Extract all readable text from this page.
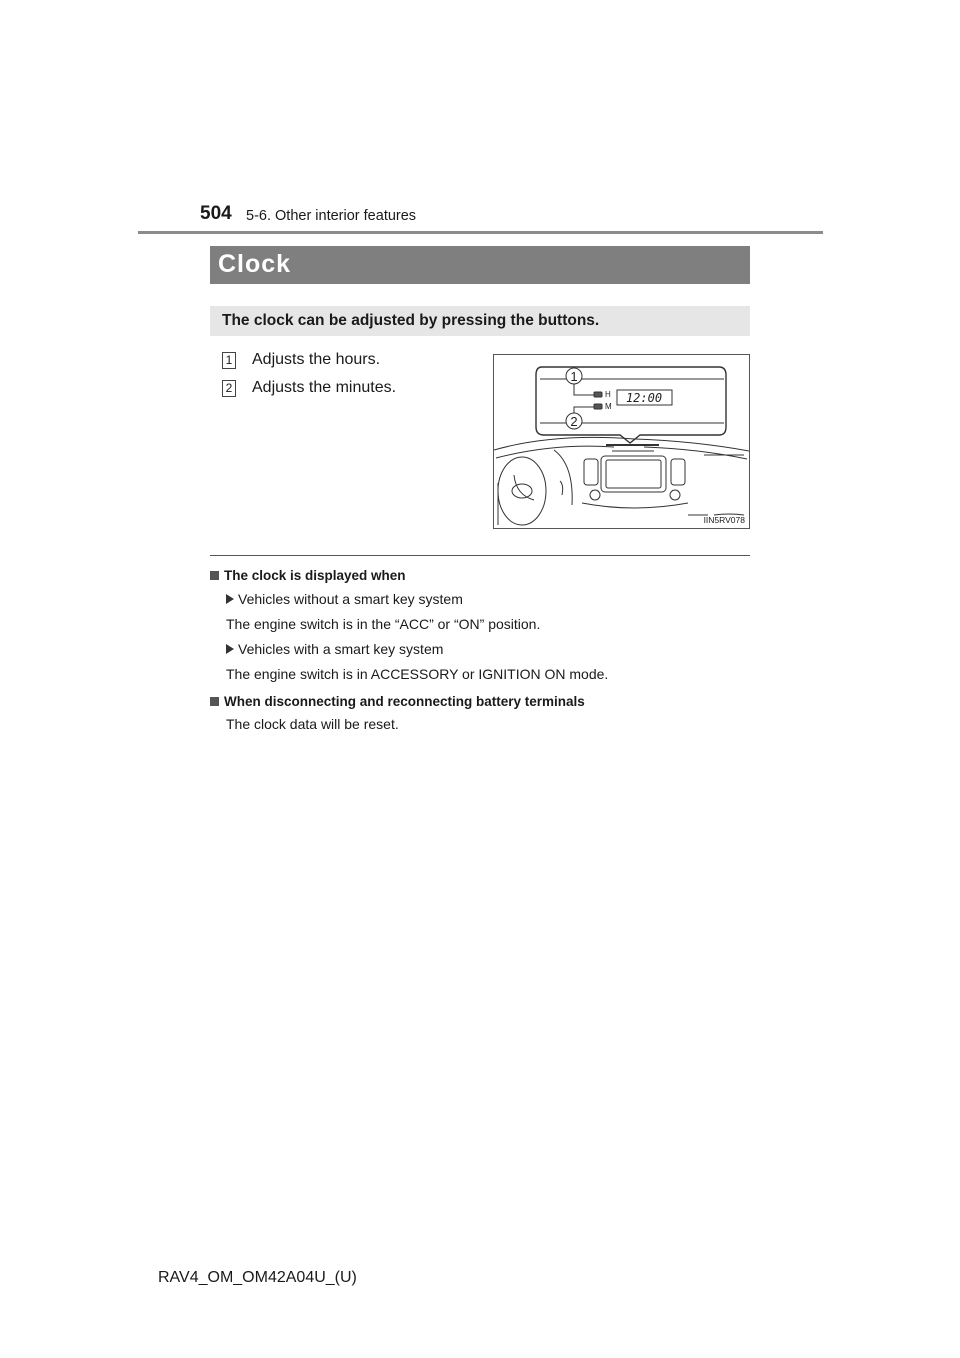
504 5-6. Other interior features
Clock
The clock can be adjusted by pressing the buttons.
1 Adjusts the hours.
2 Adjusts the minutes.
1
2
H
M
12:00
IIN5RV078
The clock is displayed when
Vehicles without a smart key system
The engine switch is in the “ACC” or “ON” position.
Vehicles with a smart key system
The engine switch is in ACCESSORY or IGNITION ON mode.
When disconnecting and reconnecting battery terminals
The clock data will be reset.
RAV4_OM_OM42A04U_(U)
